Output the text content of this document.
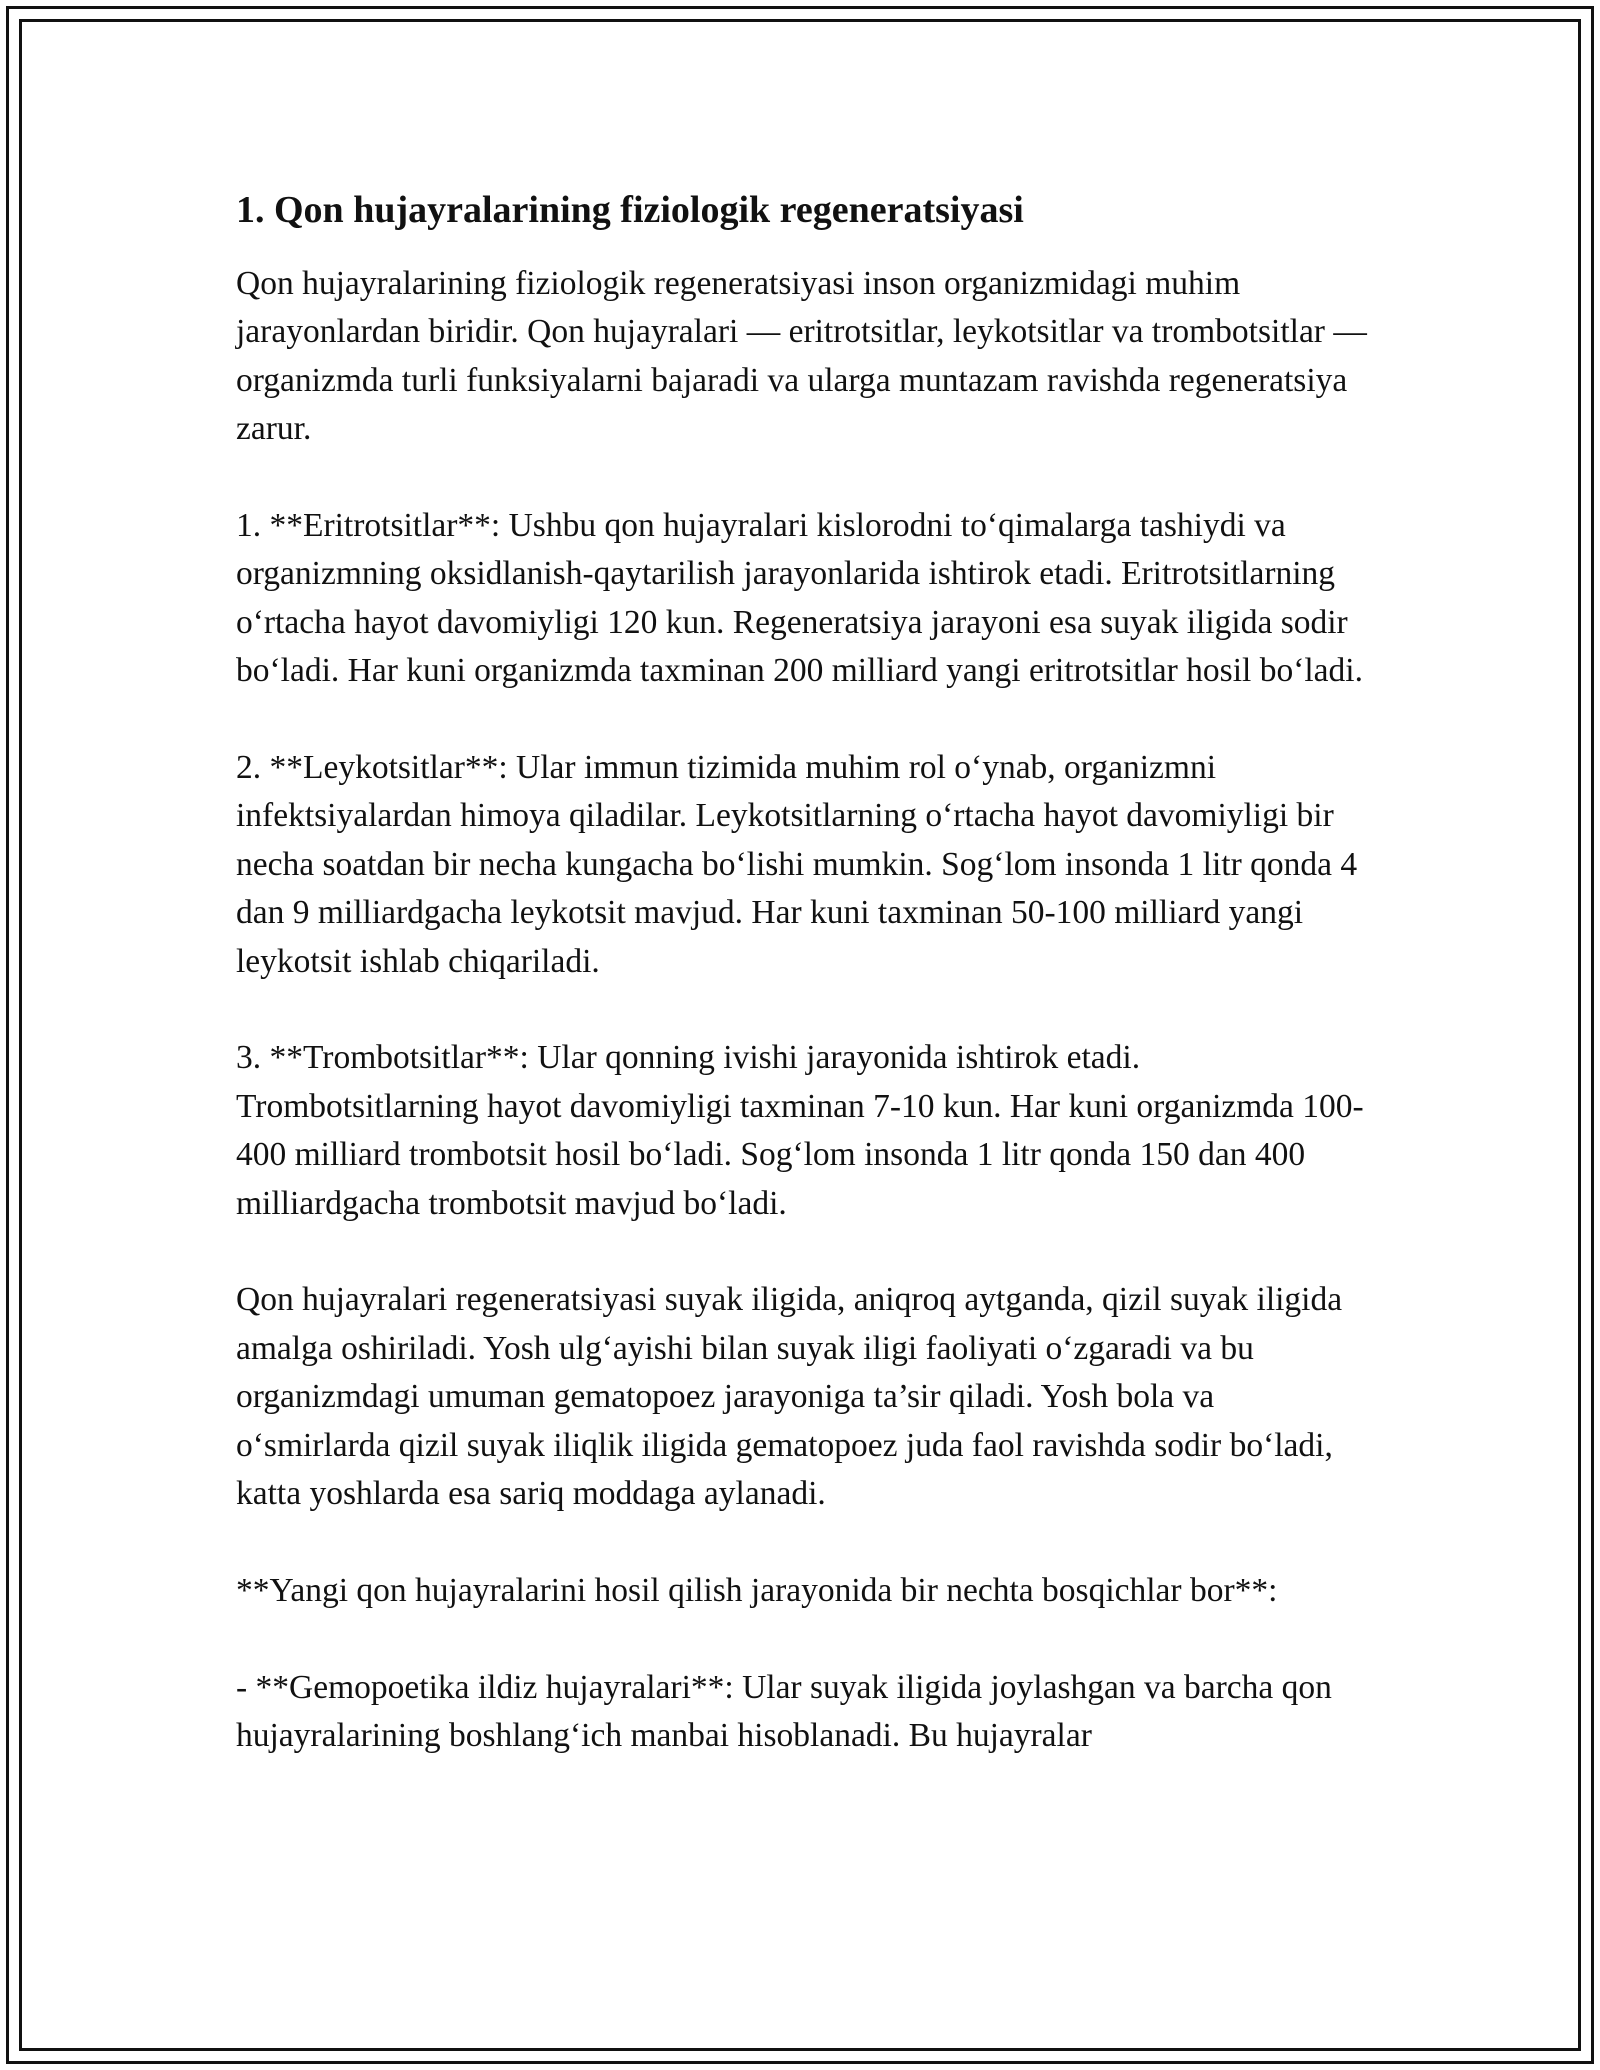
1. Qon hujayralarining fiziologik regeneratsiyasi

Qon hujayralarining fiziologik regeneratsiyasi inson organizmidagi muhim jarayonlardan biridir. Qon hujayralari — eritrotsitlar, leykotsitlar va trombotsitlar — organizmda turli funksiyalarni bajaradi va ularga muntazam ravishda regeneratsiya zarur.

1. **Eritrotsitlar**: Ushbu qon hujayralari kislorodni to‘qimalarga tashiydi va organizmning oksidlanish-qaytarilish jarayonlarida ishtirok etadi. Eritrotsitlarning o‘rtacha hayot davomiyligi 120 kun. Regeneratsiya jarayoni esa suyak iligida sodir bo‘ladi. Har kuni organizmda taxminan 200 milliard yangi eritrotsitlar hosil bo‘ladi.

2. **Leykotsitlar**: Ular immun tizimida muhim rol o‘ynab, organizmni infektsiyalardan himoya qiladilar. Leykotsitlarning o‘rtacha hayot davomiyligi bir necha soatdan bir necha kungacha bo‘lishi mumkin. Sog‘lom insonda 1 litr qonda 4 dan 9 milliardgacha leykotsit mavjud. Har kuni taxminan 50-100 milliard yangi leykotsit ishlab chiqariladi.

3. **Trombotsitlar**: Ular qonning ivishi jarayonida ishtirok etadi. Trombotsitlarning hayot davomiyligi taxminan 7-10 kun. Har kuni organizmda 100-400 milliard trombotsit hosil bo‘ladi. Sog‘lom insonda 1 litr qonda 150 dan 400 milliardgacha trombotsit mavjud bo‘ladi.

Qon hujayralari regeneratsiyasi suyak iligida, aniqroq aytganda, qizil suyak iligida amalga oshiriladi. Yosh ulg‘ayishi bilan suyak iligi faoliyati o‘zgaradi va bu organizmdagi umuman gematopoez jarayoniga ta’sir qiladi. Yosh bola va o‘smirlarda qizil suyak iliqlik iligida gematopoez juda faol ravishda sodir bo‘ladi, katta yoshlarda esa sariq moddaga aylanadi.

**Yangi qon hujayralarini hosil qilish jarayonida bir nechta bosqichlar bor**:

- **Gemopoetika ildiz hujayralari**: Ular suyak iligida joylashgan va barcha qon hujayralarining boshlang‘ich manbai hisoblanadi. Bu hujayralar
